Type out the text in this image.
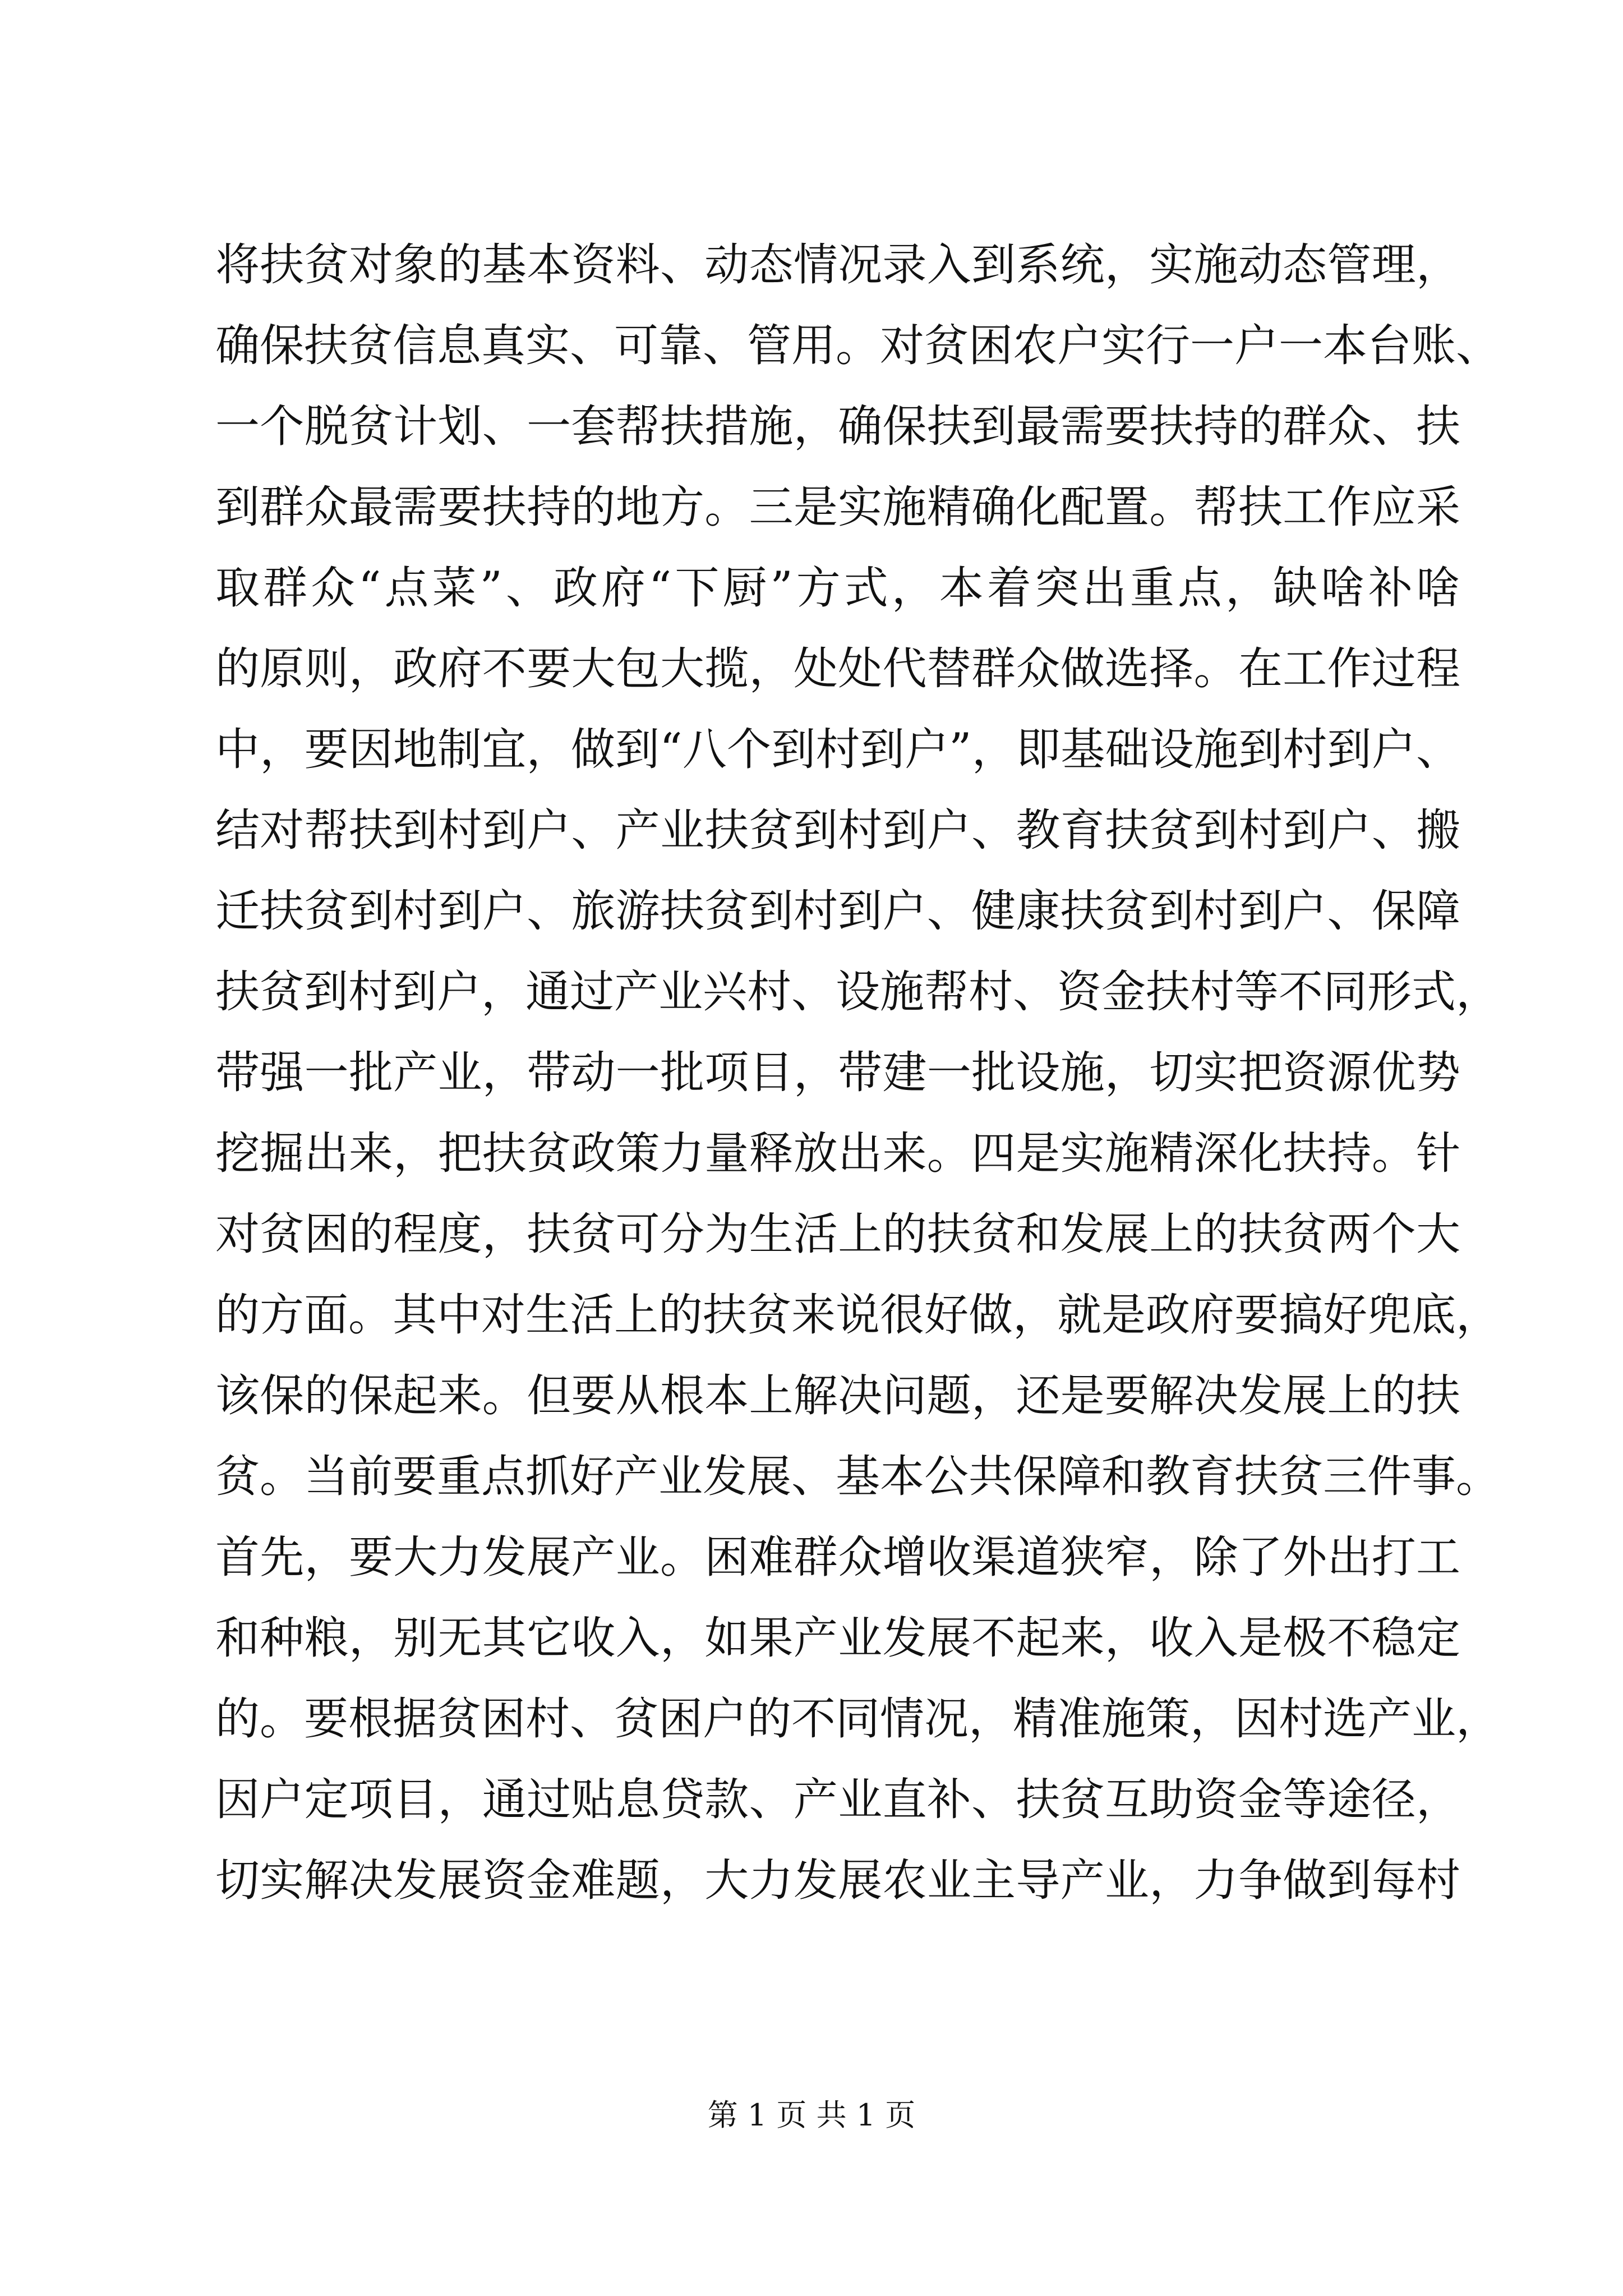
将扶贫对象的基本资料、动态情况录入到系统，实施动态管理，
确保扶贫信息真实、可靠、管用。对贫困农户实行一户一本台账、
一个脱贫计划、一套帮扶措施，确保扶到最需要扶持的群众、扶
到群众最需要扶持的地方。三是实施精确化配置。帮扶工作应采
取群众“点菜”、政府“下厨”方式，本着突出重点，缺啥补啥
的原则，政府不要大包大揽，处处代替群众做选择。在工作过程
中，要因地制宜，做到“八个到村到户”，即基础设施到村到户、
结对帮扶到村到户、产业扶贫到村到户、教育扶贫到村到户、搬
迁扶贫到村到户、旅游扶贫到村到户、健康扶贫到村到户、保障
扶贫到村到户，通过产业兴村、设施帮村、资金扶村等不同形式，
带强一批产业，带动一批项目，带建一批设施，切实把资源优势
挖掘出来，把扶贫政策力量释放出来。四是实施精深化扶持。针
对贫困的程度，扶贫可分为生活上的扶贫和发展上的扶贫两个大
的方面。其中对生活上的扶贫来说很好做，就是政府要搞好兜底，
该保的保起来。但要从根本上解决问题，还是要解决发展上的扶
贫。当前要重点抓好产业发展、基本公共保障和教育扶贫三件事。
首先，要大力发展产业。困难群众增收渠道狭窄，除了外出打工
和种粮，别无其它收入，如果产业发展不起来，收入是极不稳定
的。要根据贫困村、贫困户的不同情况，精准施策，因村选产业，
因户定项目，通过贴息贷款、产业直补、扶贫互助资金等途径，
切实解决发展资金难题，大力发展农业主导产业，力争做到每村
第 1 页 共 1 页
